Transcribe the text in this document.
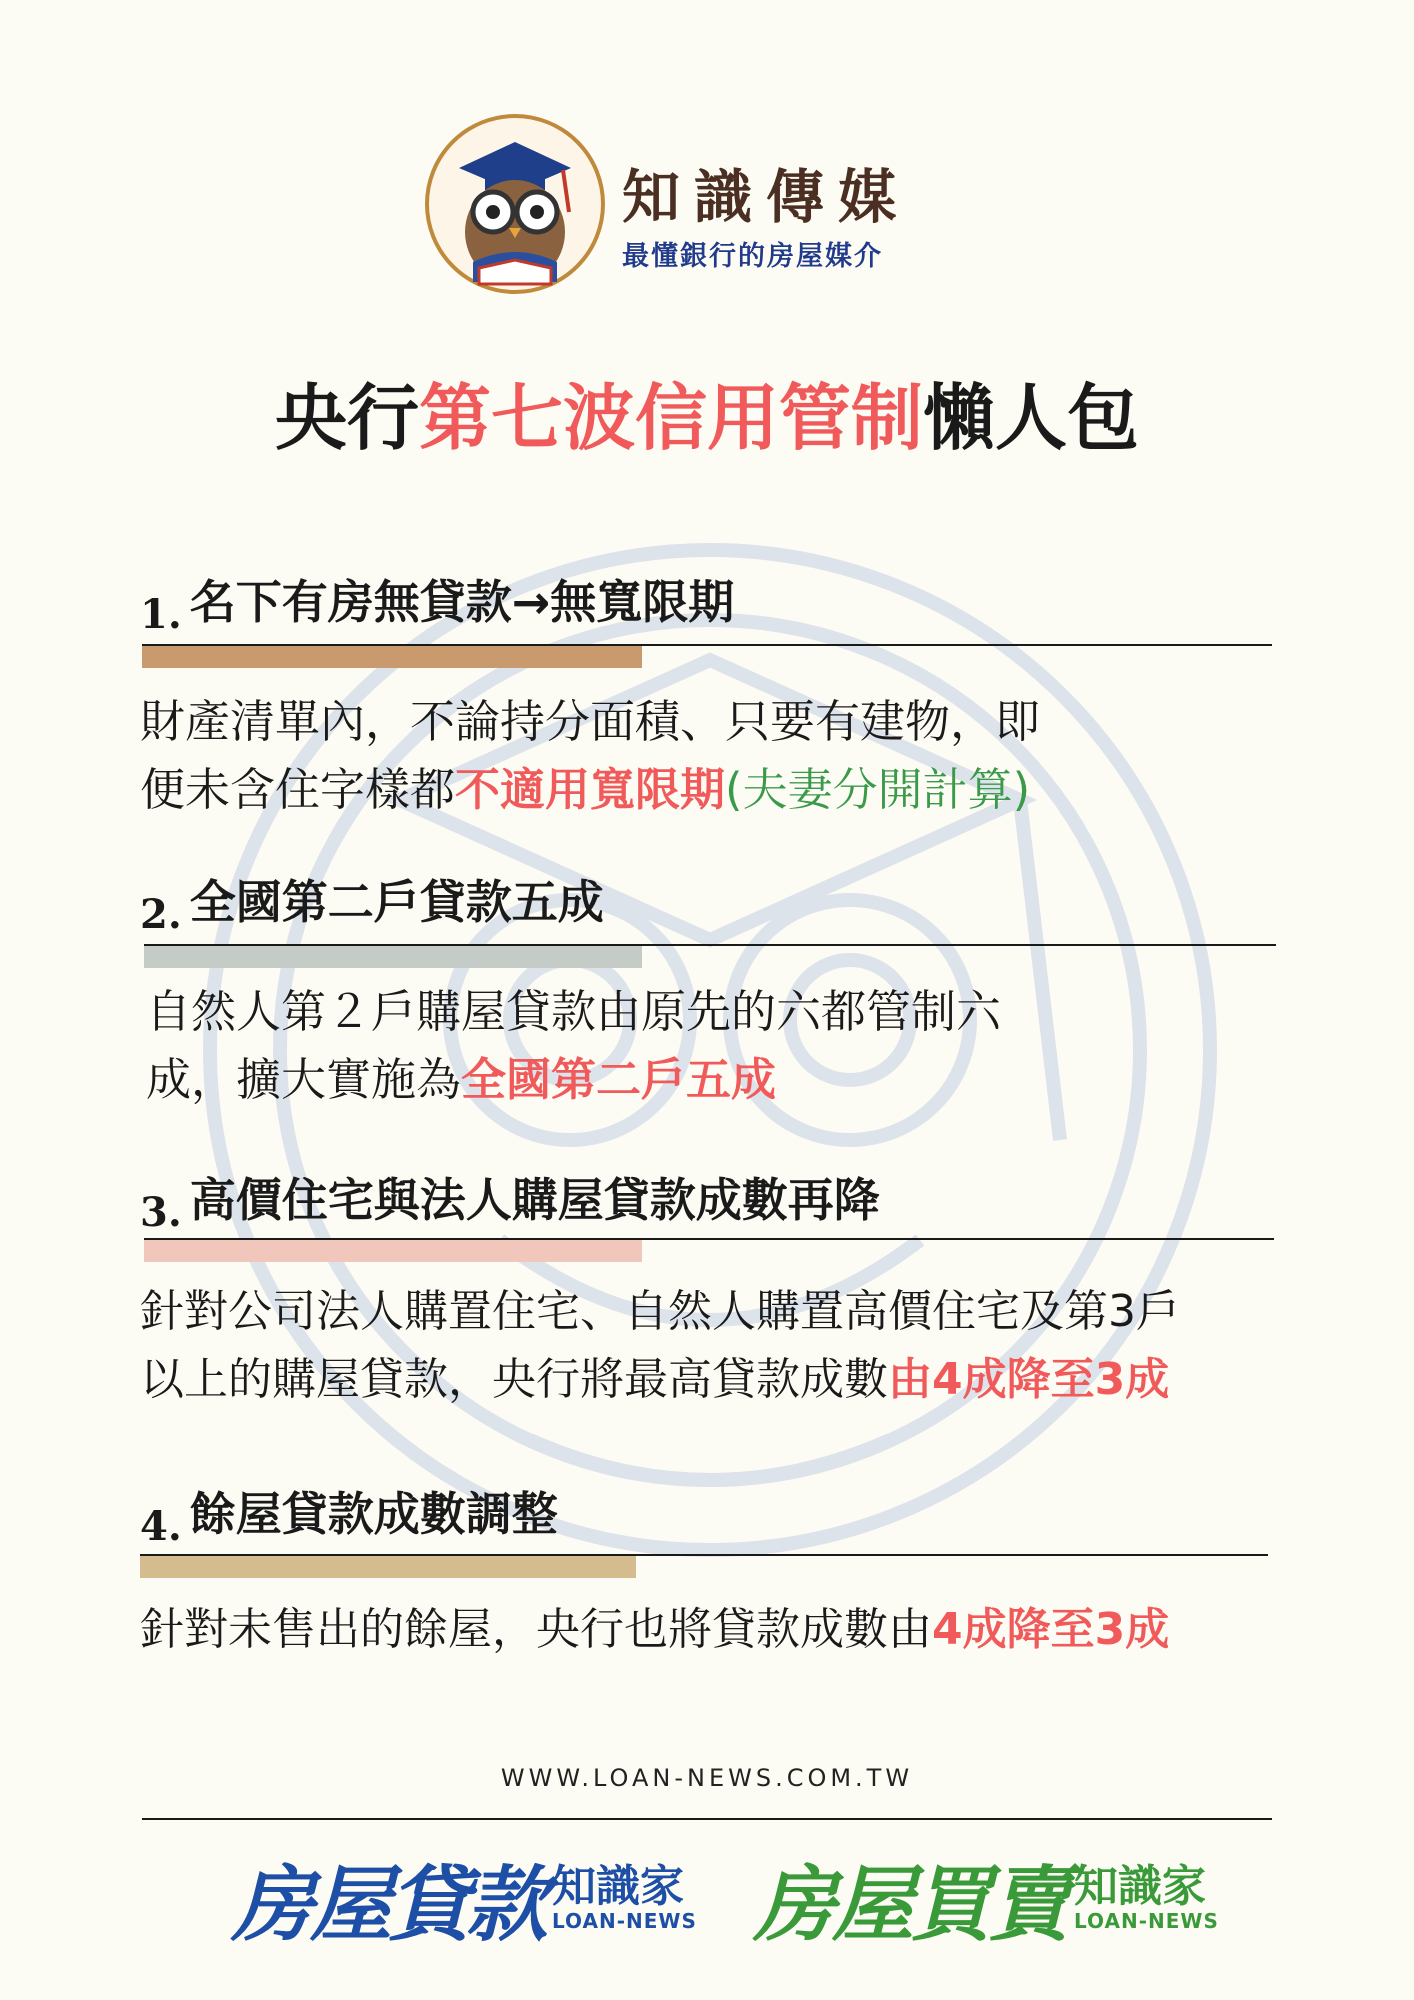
知識傳媒
最懂銀行的房屋媒介
央行第七波信用管制懶人包
1. 名下有房無貸款→無寬限期
財產清單內，不論持分面積、只要有建物，即
便未含住字樣都不適用寬限期(夫妻分開計算)
2. 全國第二戶貸款五成
自然人第２戶購屋貸款由原先的六都管制六
成，擴大實施為全國第二戶五成
3. 高價住宅與法人購屋貸款成數再降
針對公司法人購置住宅、自然人購置高價住宅及第3戶
以上的購屋貸款，央行將最高貸款成數由4成降至3成
4. 餘屋貸款成數調整
針對未售出的餘屋，央行也將貸款成數由4成降至3成
WWW.LOAN-NEWS.COM.TW
房屋貸款 知識家
LOAN-NEWS 房屋買賣 知識家
LOAN-NEWS
